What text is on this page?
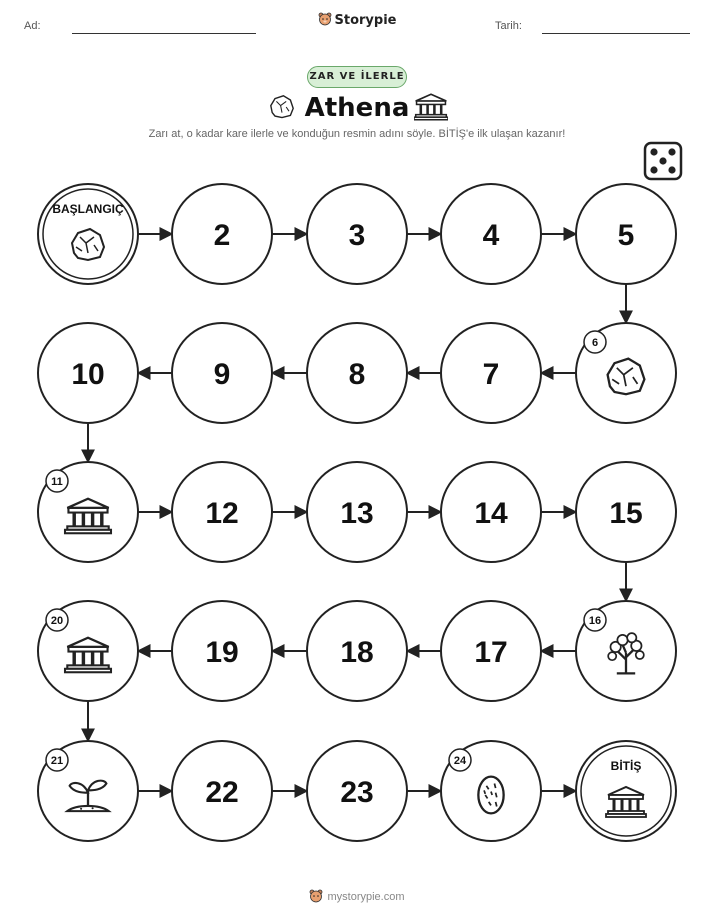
Ad:	Storypie	Tarih:
ZAR VE İLERLE
Athena
Zarı at, o kadar kare ilerle ve konduğun resmin adını söyle. BİTİŞ'e ilk ulaşan kazanır!
BAŞLANGIÇ
2	3	4	5
6
7
8
9
10
11
12	13	14	15
16
17
18
19
20
21
22	23
24	BİTİŞ
mystorypie.com
